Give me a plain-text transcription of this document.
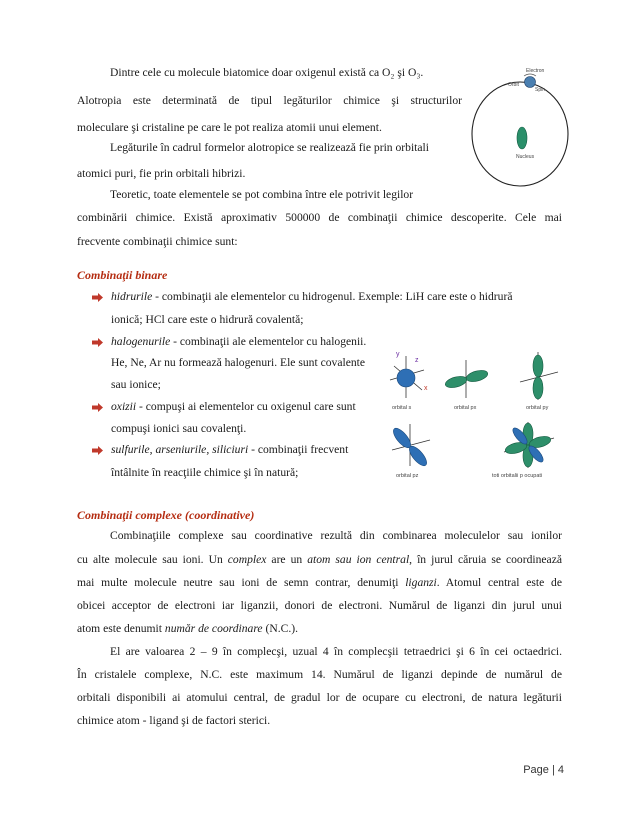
Dintre cele cu molecule biatomice doar oxigenul există ca O₂ şi O₃.
Alotropia este determinată de tipul legăturilor chimice şi structurilor
moleculare şi cristaline pe care le pot realiza atomii unui element.
Legăturile în cadrul formelor alotropice se realizează fie prin orbitali
atomici puri, fie prin orbitali hibrizi.
Teoretic, toate elementele se pot combina între ele potrivit legilor
combinării chimice. Există aproximativ 500000 de combinaţii chimice descoperite. Cele mai
frecvente combinaţii chimice sunt:
Electron
Orbit
Spin
Nucleus
Combinaţii binare
hidrurile - combinaţii ale elementelor cu hidrogenul. Exemple: LiH care este o hidrură
ionică; HCl care este o hidrură covalentă;
halogenurile - combinaţii ale elementelor cu halogenii.
He, Ne, Ar nu formează halogenuri. Ele sunt covalente
sau ionice;
oxizii - compuşi ai elementelor cu oxigenul care sunt
compuşi ionici sau covalenţi.
sulfurile, arseniurile, siliciuri - combinaţii frecvent
întâlnite în reacţiile chimice şi în natură;
y
z
x
orbital s	orbital px	orbital py
orbital pz	toti orbitalii p ocupati
Combinaţii complexe (coordinative)
Combinaţiile complexe sau coordinative rezultă din combinarea moleculelor sau ionilor
cu alte molecule sau ioni. Un complex are un atom sau ion central, în jurul căruia se coordinează
mai multe molecule neutre sau ioni de semn contrar, denumiţi liganzi. Atomul central este de
obicei acceptor de electroni iar liganzii, donori de electroni. Numărul de liganzi din jurul unui
atom este denumit număr de coordinare (N.C.).
El are valoarea 2 – 9 în complecşi, uzual 4 în complecşii tetraedrici şi 6 în cei octaedrici.
În cristalele complexe, N.C. este maximum 14. Numărul de liganzi depinde de numărul de
orbitali disponibili ai atomului central, de gradul lor de ocupare cu electroni, de natura legăturii
chimice atom - ligand şi de factori sterici.
Page | 4
